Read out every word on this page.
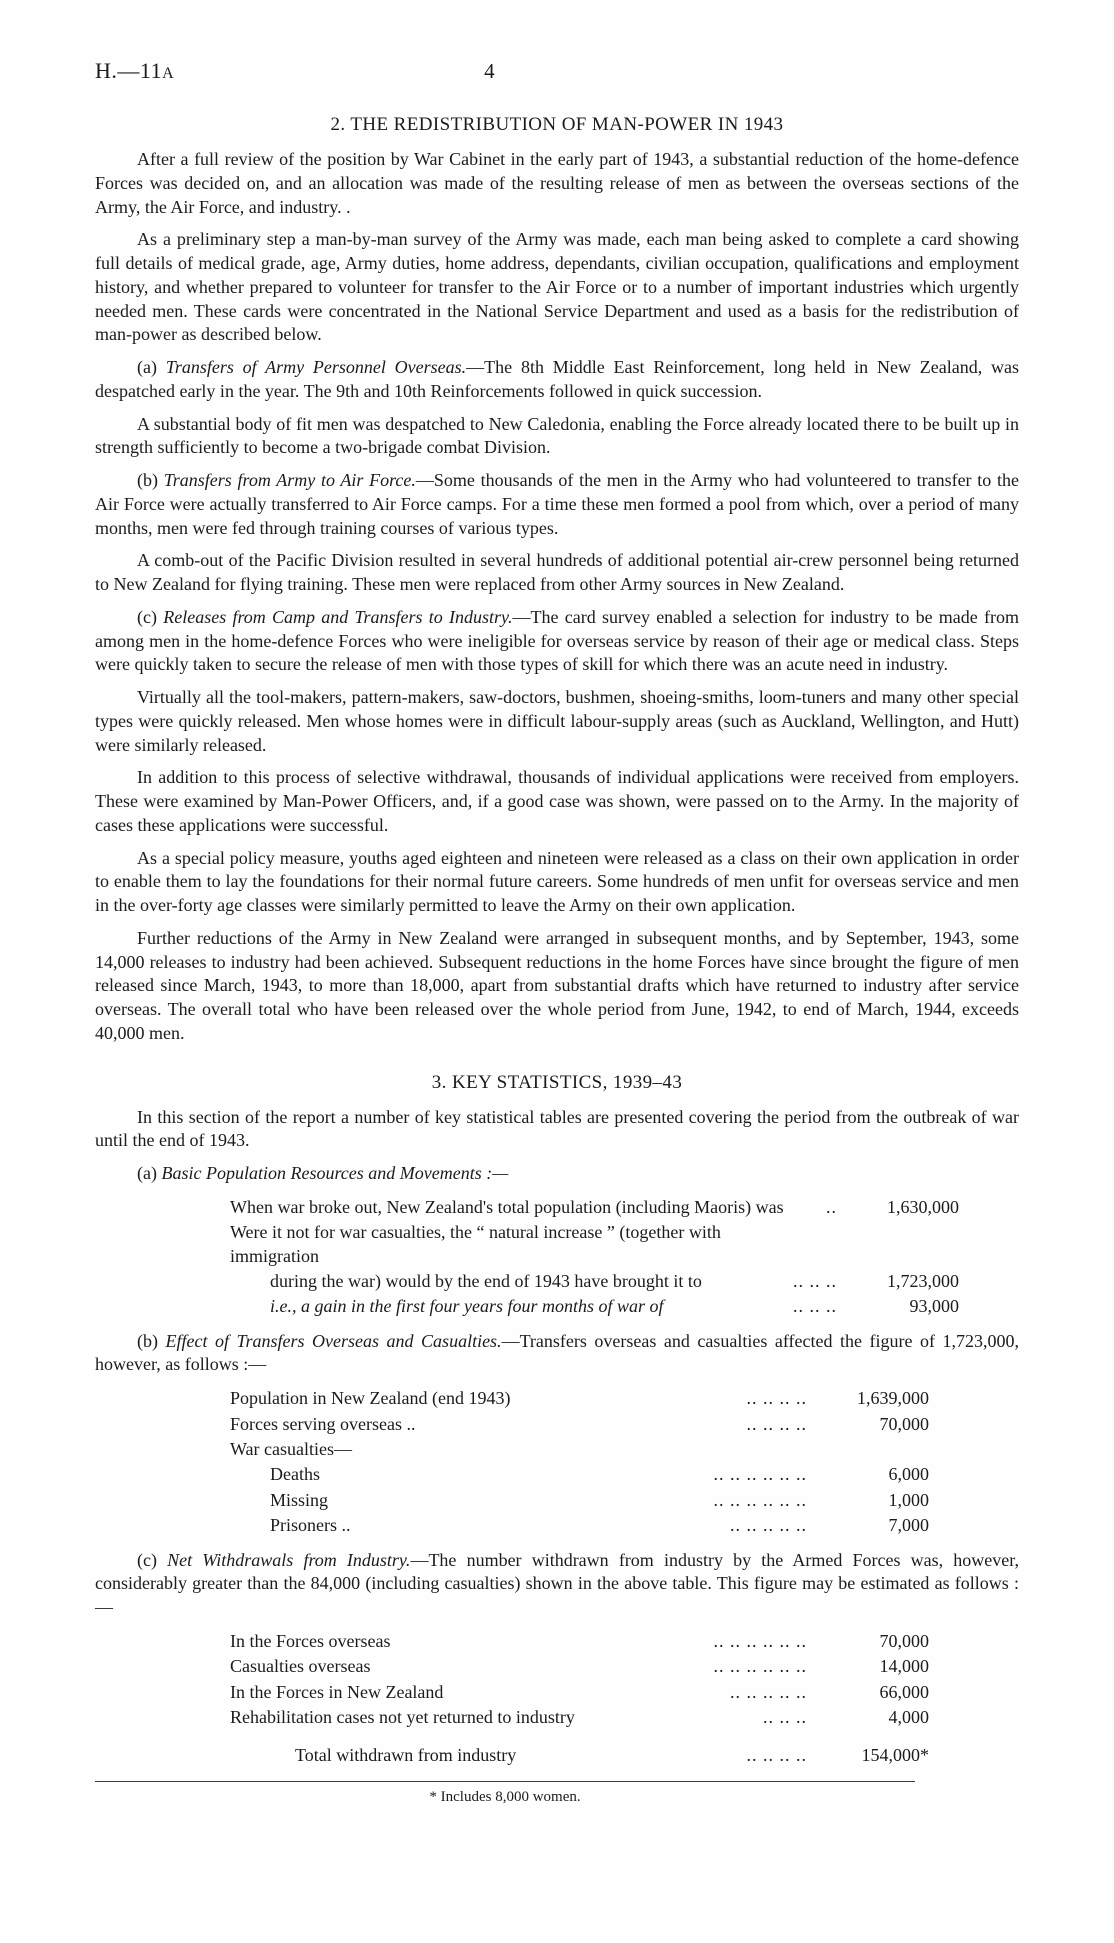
H.—11A	4
2. THE REDISTRIBUTION OF MAN-POWER IN 1943

After a full review of the position by War Cabinet in the early part of 1943, a substantial reduction of the home-defence Forces was decided on, and an allocation was made of the resulting release of men as between the overseas sections of the Army, the Air Force, and industry. .

As a preliminary step a man-by-man survey of the Army was made, each man being asked to complete a card showing full details of medical grade, age, Army duties, home address, dependants, civilian occupation, qualifications and employment history, and whether prepared to volunteer for transfer to the Air Force or to a number of important industries which urgently needed men. These cards were concentrated in the National Service Department and used as a basis for the redistribution of man-power as described below.

(a) Transfers of Army Personnel Overseas.—The 8th Middle East Reinforcement, long held in New Zealand, was despatched early in the year. The 9th and 10th Reinforcements followed in quick succession.

A substantial body of fit men was despatched to New Caledonia, enabling the Force already located there to be built up in strength sufficiently to become a two-brigade combat Division.

(b) Transfers from Army to Air Force.—Some thousands of the men in the Army who had volunteered to transfer to the Air Force were actually transferred to Air Force camps. For a time these men formed a pool from which, over a period of many months, men were fed through training courses of various types.

A comb-out of the Pacific Division resulted in several hundreds of additional potential air-crew personnel being returned to New Zealand for flying training. These men were replaced from other Army sources in New Zealand.

(c) Releases from Camp and Transfers to Industry.—The card survey enabled a selection for industry to be made from among men in the home-defence Forces who were ineligible for overseas service by reason of their age or medical class. Steps were quickly taken to secure the release of men with those types of skill for which there was an acute need in industry.

Virtually all the tool-makers, pattern-makers, saw-doctors, bushmen, shoeing-smiths, loom-tuners and many other special types were quickly released. Men whose homes were in difficult labour-supply areas (such as Auckland, Wellington, and Hutt) were similarly released.

In addition to this process of selective withdrawal, thousands of individual applications were received from employers. These were examined by Man-Power Officers, and, if a good case was shown, were passed on to the Army. In the majority of cases these applications were successful.

As a special policy measure, youths aged eighteen and nineteen were released as a class on their own application in order to enable them to lay the foundations for their normal future careers. Some hundreds of men unfit for overseas service and men in the over-forty age classes were similarly permitted to leave the Army on their own application.

Further reductions of the Army in New Zealand were arranged in subsequent months, and by September, 1943, some 14,000 releases to industry had been achieved. Subsequent reductions in the home Forces have since brought the figure of men released since March, 1943, to more than 18,000, apart from substantial drafts which have returned to industry after service overseas. The overall total who have been released over the whole period from June, 1942, to end of March, 1944, exceeds 40,000 men.

3. KEY STATISTICS, 1939–43

In this section of the report a number of key statistical tables are presented covering the period from the outbreak of war until the end of 1943.

(a) Basic Population Resources and Movements :—

When war broke out, New Zealand's total population (including Maoris) was	..	1,630,000
Were it not for war casualties, the “ natural increase ” (together with immigration		
during the war) would by the end of 1943 have brought it to	.. .. ..	1,723,000
i.e., a gain in the first four years four months of war of	.. .. ..	93,000

(b) Effect of Transfers Overseas and Casualties.—Transfers overseas and casualties affected the figure of 1,723,000, however, as follows :—

Population in New Zealand (end 1943)	.. .. .. ..	1,639,000
Forces serving overseas ..	.. .. .. ..	70,000
War casualties—		
Deaths	.. .. .. .. .. ..	6,000
Missing	.. .. .. .. .. ..	1,000
Prisoners ..	.. .. .. .. ..	7,000

(c) Net Withdrawals from Industry.—The number withdrawn from industry by the Armed Forces was, however, considerably greater than the 84,000 (including casualties) shown in the above table. This figure may be estimated as follows :—

In the Forces overseas	.. .. .. .. .. ..	70,000
Casualties overseas	.. .. .. .. .. ..	14,000
In the Forces in New Zealand	.. .. .. .. ..	66,000
Rehabilitation cases not yet returned to industry	.. .. ..	4,000
Total withdrawn from industry	.. .. .. ..	154,000*

* Includes 8,000 women.
